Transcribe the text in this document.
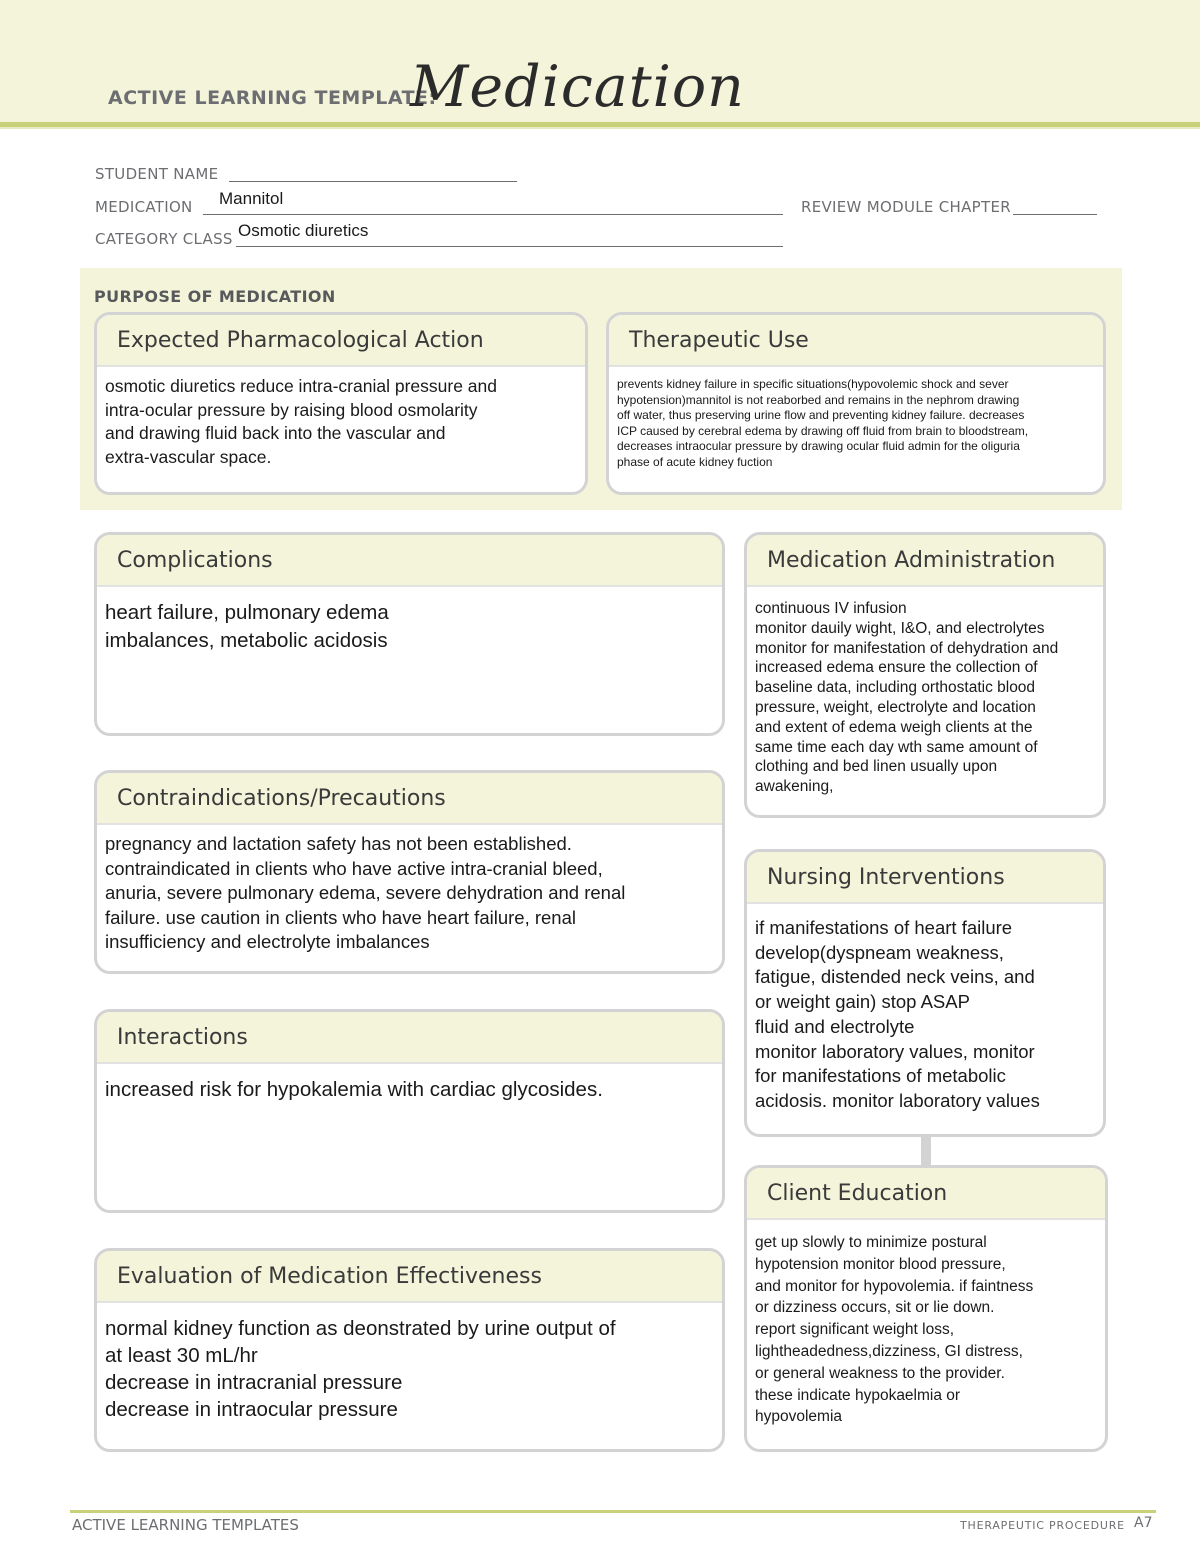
ACTIVE LEARNING TEMPLATE:
Medication
STUDENT NAME
MEDICATION Mannitol	REVIEW MODULE CHAPTER
CATEGORY CLASS Osmotic diuretics
PURPOSE OF MEDICATION
Expected Pharmacological Action
osmotic diuretics reduce intra-cranial pressure and
intra-ocular pressure by raising blood osmolarity
and drawing fluid back into the vascular and
extra-vascular space.
Therapeutic Use
prevents kidney failure in specific situations(hypovolemic shock and sever
hypotension)mannitol is not reaborbed and remains in the nephrom drawing
off water, thus preserving urine flow and preventing kidney failure. decreases
ICP caused by cerebral edema by drawing off fluid from brain to bloodstream,
decreases intraocular pressure by drawing ocular fluid admin for the oliguria
phase of acute kidney fuction
Complications
heart failure, pulmonary edema
imbalances, metabolic acidosis
Contraindications/Precautions
pregnancy and lactation safety has not been established.
contraindicated in clients who have active intra-cranial bleed,
anuria, severe pulmonary edema, severe dehydration and renal
failure. use caution in clients who have heart failure, renal
insufficiency and electrolyte imbalances
Interactions
increased risk for hypokalemia with cardiac glycosides.
Evaluation of Medication Effectiveness
normal kidney function as deonstrated by urine output of
at least 30 mL/hr
decrease in intracranial pressure
decrease in intraocular pressure
Medication Administration
continuous IV infusion
monitor dauily wight, I&O, and electrolytes
monitor for manifestation of dehydration and
increased edema ensure the collection of
baseline data, including orthostatic blood
pressure, weight, electrolyte and location
and extent of edema weigh clients at the
same time each day wth same amount of
clothing and bed linen usually upon
awakening,
Nursing Interventions
if manifestations of heart failure
develop(dyspneam weakness,
fatigue, distended neck veins, and
or weight gain) stop ASAP
fluid and electrolyte
monitor laboratory values, monitor
for manifestations of metabolic
acidosis. monitor laboratory values
Client Education
get up slowly to minimize postural
hypotension monitor blood pressure,
and monitor for hypovolemia. if faintness
or dizziness occurs, sit or lie down.
report significant weight loss,
lightheadedness,dizziness, GI distress,
or general weakness to the provider.
these indicate hypokaelmia or
hypovolemia
ACTIVE LEARNING TEMPLATES	THERAPEUTIC PROCEDURE A7
